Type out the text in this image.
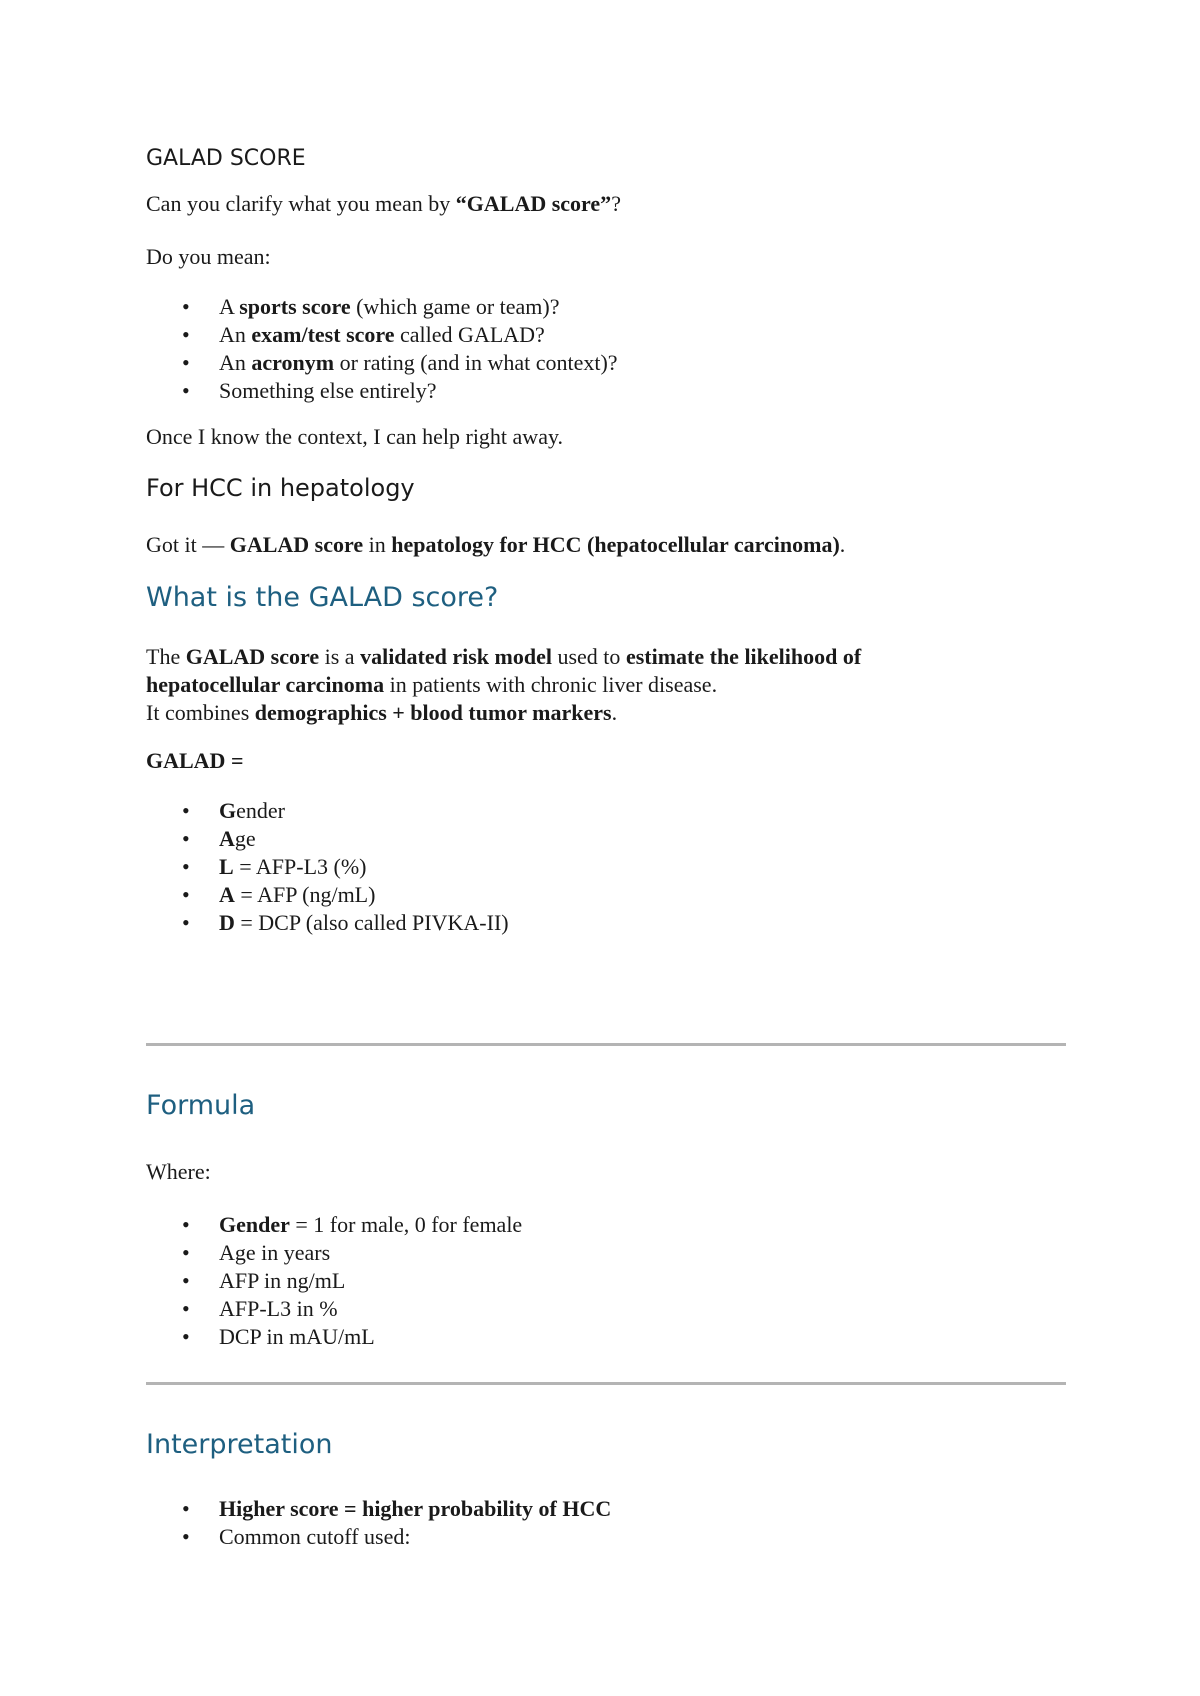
GALAD SCORE

Can you clarify what you mean by “GALAD score”?

Do you mean:

• A sports score (which game or team)?
• An exam/test score called GALAD?
• An acronym or rating (and in what context)?
• Something else entirely?

Once I know the context, I can help right away.

For HCC in hepatology

Got it — GALAD score in hepatology for HCC (hepatocellular carcinoma).

What is the GALAD score?
The GALAD score is a validated risk model used to estimate the likelihood of
hepatocellular carcinoma in patients with chronic liver disease.
It combines demographics + blood tumor markers.

GALAD =

• Gender
• Age
• L = AFP-L3 (%)
• A = AFP (ng/mL)
• D = DCP (also called PIVKA-II)
Formula

Where:

• Gender = 1 for male, 0 for female
• Age in years
• AFP in ng/mL
• AFP-L3 in %
• DCP in mAU/mL
Interpretation
• Higher score = higher probability of HCC
• Common cutoff used:
